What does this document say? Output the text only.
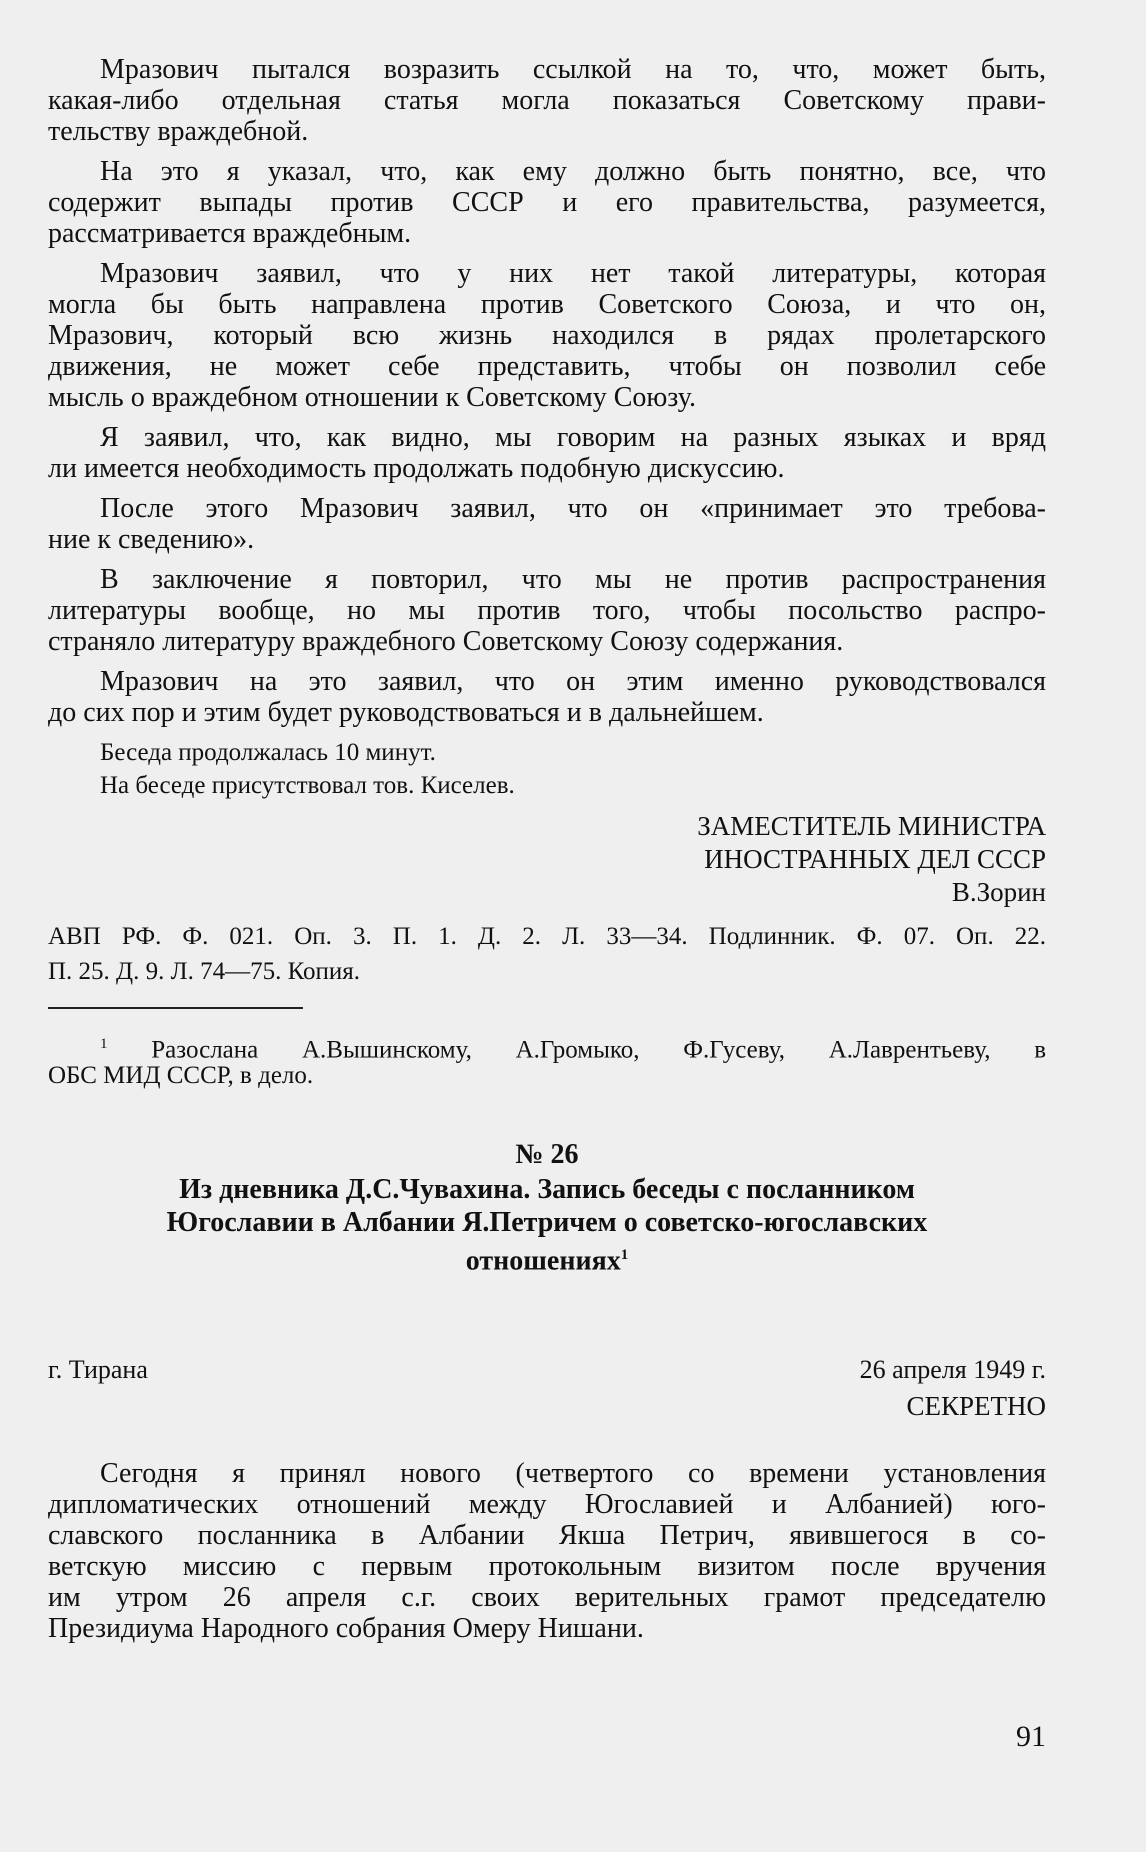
Мразович пытался возразить ссылкой на то, что, может быть,
какая-либо отдельная статья могла показаться Советскому прави-
тельству враждебной.
На это я указал, что, как ему должно быть понятно, все, что
содержит выпады против СССР и его правительства, разумеется,
рассматривается враждебным.
Мразович заявил, что у них нет такой литературы, которая
могла бы быть направлена против Советского Союза, и что он,
Мразович, который всю жизнь находился в рядах пролетарского
движения, не может себе представить, чтобы он позволил себе
мысль о враждебном отношении к Советскому Союзу.
Я заявил, что, как видно, мы говорим на разных языках и вряд
ли имеется необходимость продолжать подобную дискуссию.
После этого Мразович заявил, что он «принимает это требова-
ние к сведению».
В заключение я повторил, что мы не против распространения
литературы вообще, но мы против того, чтобы посольство распро-
страняло литературу враждебного Советскому Союзу содержания.
Мразович на это заявил, что он этим именно руководствовался
до сих пор и этим будет руководствоваться и в дальнейшем.
Беседа продолжалась 10 минут.
На беседе присутствовал тов. Киселев.
ЗАМЕСТИТЕЛЬ МИНИСТРА
ИНОСТРАННЫХ ДЕЛ СССР
В.Зорин
АВП РФ. Ф. 021. Оп. 3. П. 1. Д. 2. Л. 33—34. Подлинник. Ф. 07. Оп. 22.
П. 25. Д. 9. Л. 74—75. Копия.
$^1$ Разослана А.Вышинскому, А.Громыко, Ф.Гусеву, А.Лаврентьеву, в
ОБС МИД СССР, в дело.
№ 26
Из дневника Д.С.Чувахина. Запись беседы с посланником
Югославии в Албании Я.Петричем о советско-югославских
отношениях$^1$
г. Тирана	26 апреля 1949 г.
СЕКРЕТНО
Сегодня я принял нового (четвертого со времени установления
дипломатических отношений между Югославией и Албанией) юго-
славского посланника в Албании Якша Петрич, явившегося в со-
ветскую миссию с первым протокольным визитом после вручения
им утром 26 апреля с.г. своих верительных грамот председателю
Президиума Народного собрания Омеру Нишани.
91
